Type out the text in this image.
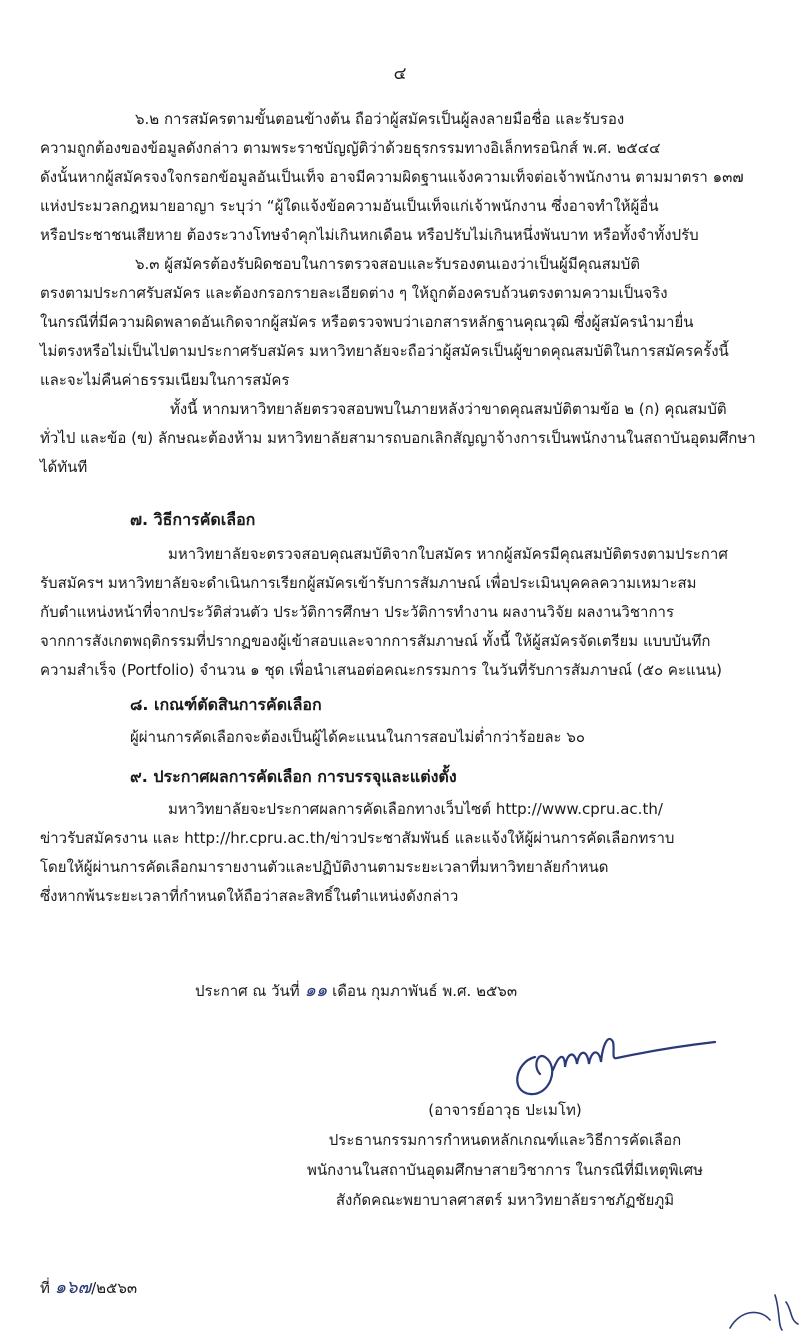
๔
๖.๒ การสมัครตามขั้นตอนข้างต้น ถือว่าผู้สมัครเป็นผู้ลงลายมือชื่อ และรับรอง
ความถูกต้องของข้อมูลดังกล่าว ตามพระราชบัญญัติว่าด้วยธุรกรรมทางอิเล็กทรอนิกส์ พ.ศ. ๒๕๔๔
ดังนั้นหากผู้สมัครจงใจกรอกข้อมูลอันเป็นเท็จ อาจมีความผิดฐานแจ้งความเท็จต่อเจ้าพนักงาน ตามมาตรา ๑๓๗
แห่งประมวลกฎหมายอาญา ระบุว่า “ผู้ใดแจ้งข้อความอันเป็นเท็จแก่เจ้าพนักงาน ซึ่งอาจทำให้ผู้อื่น
หรือประชาชนเสียหาย ต้องระวางโทษจำคุกไม่เกินหกเดือน หรือปรับไม่เกินหนึ่งพันบาท หรือทั้งจำทั้งปรับ
๖.๓ ผู้สมัครต้องรับผิดชอบในการตรวจสอบและรับรองตนเองว่าเป็นผู้มีคุณสมบัติ
ตรงตามประกาศรับสมัคร และต้องกรอกรายละเอียดต่าง ๆ ให้ถูกต้องครบถ้วนตรงตามความเป็นจริง
ในกรณีที่มีความผิดพลาดอันเกิดจากผู้สมัคร หรือตรวจพบว่าเอกสารหลักฐานคุณวุฒิ ซึ่งผู้สมัครนำมายื่น
ไม่ตรงหรือไม่เป็นไปตามประกาศรับสมัคร มหาวิทยาลัยจะถือว่าผู้สมัครเป็นผู้ขาดคุณสมบัติในการสมัครครั้งนี้
และจะไม่คืนค่าธรรมเนียมในการสมัคร
ทั้งนี้ หากมหาวิทยาลัยตรวจสอบพบในภายหลังว่าขาดคุณสมบัติตามข้อ ๒ (ก) คุณสมบัติ
ทั่วไป และข้อ (ข) ลักษณะต้องห้าม มหาวิทยาลัยสามารถบอกเลิกสัญญาจ้างการเป็นพนักงานในสถาบันอุดมศึกษา
ได้ทันที
๗. วิธีการคัดเลือก
มหาวิทยาลัยจะตรวจสอบคุณสมบัติจากใบสมัคร หากผู้สมัครมีคุณสมบัติตรงตามประกาศ
รับสมัครฯ มหาวิทยาลัยจะดำเนินการเรียกผู้สมัครเข้ารับการสัมภาษณ์ เพื่อประเมินบุคคลความเหมาะสม
กับตำแหน่งหน้าที่จากประวัติส่วนตัว ประวัติการศึกษา ประวัติการทำงาน ผลงานวิจัย ผลงานวิชาการ
จากการสังเกตพฤติกรรมที่ปรากฏของผู้เข้าสอบและจากการสัมภาษณ์ ทั้งนี้ ให้ผู้สมัครจัดเตรียม แบบบันทึก
ความสำเร็จ (Portfolio) จำนวน ๑ ชุด เพื่อนำเสนอต่อคณะกรรมการ ในวันที่รับการสัมภาษณ์ (๕๐ คะแนน)
๘. เกณฑ์ตัดสินการคัดเลือก
ผู้ผ่านการคัดเลือกจะต้องเป็นผู้ได้คะแนนในการสอบไม่ต่ำกว่าร้อยละ ๖๐
๙. ประกาศผลการคัดเลือก การบรรจุและแต่งตั้ง
มหาวิทยาลัยจะประกาศผลการคัดเลือกทางเว็บไซต์ http://www.cpru.ac.th/
ข่าวรับสมัครงาน และ http://hr.cpru.ac.th/ข่าวประชาสัมพันธ์ และแจ้งให้ผู้ผ่านการคัดเลือกทราบ
โดยให้ผู้ผ่านการคัดเลือกมารายงานตัวและปฏิบัติงานตามระยะเวลาที่มหาวิทยาลัยกำหนด
ซึ่งหากพ้นระยะเวลาที่กำหนดให้ถือว่าสละสิทธิ์ในตำแหน่งดังกล่าว
ประกาศ ณ วันที่ ๑๑ เดือน กุมภาพันธ์ พ.ศ. ๒๕๖๓
(อาจารย์อาวุธ ปะเมโท)
ประธานกรรมการกำหนดหลักเกณฑ์และวิธีการคัดเลือก
พนักงานในสถาบันอุดมศึกษาสายวิชาการ ในกรณีที่มีเหตุพิเศษ
สังกัดคณะพยาบาลศาสตร์ มหาวิทยาลัยราชภัฏชัยภูมิ
ที่ ๑๖๗/๒๕๖๓
